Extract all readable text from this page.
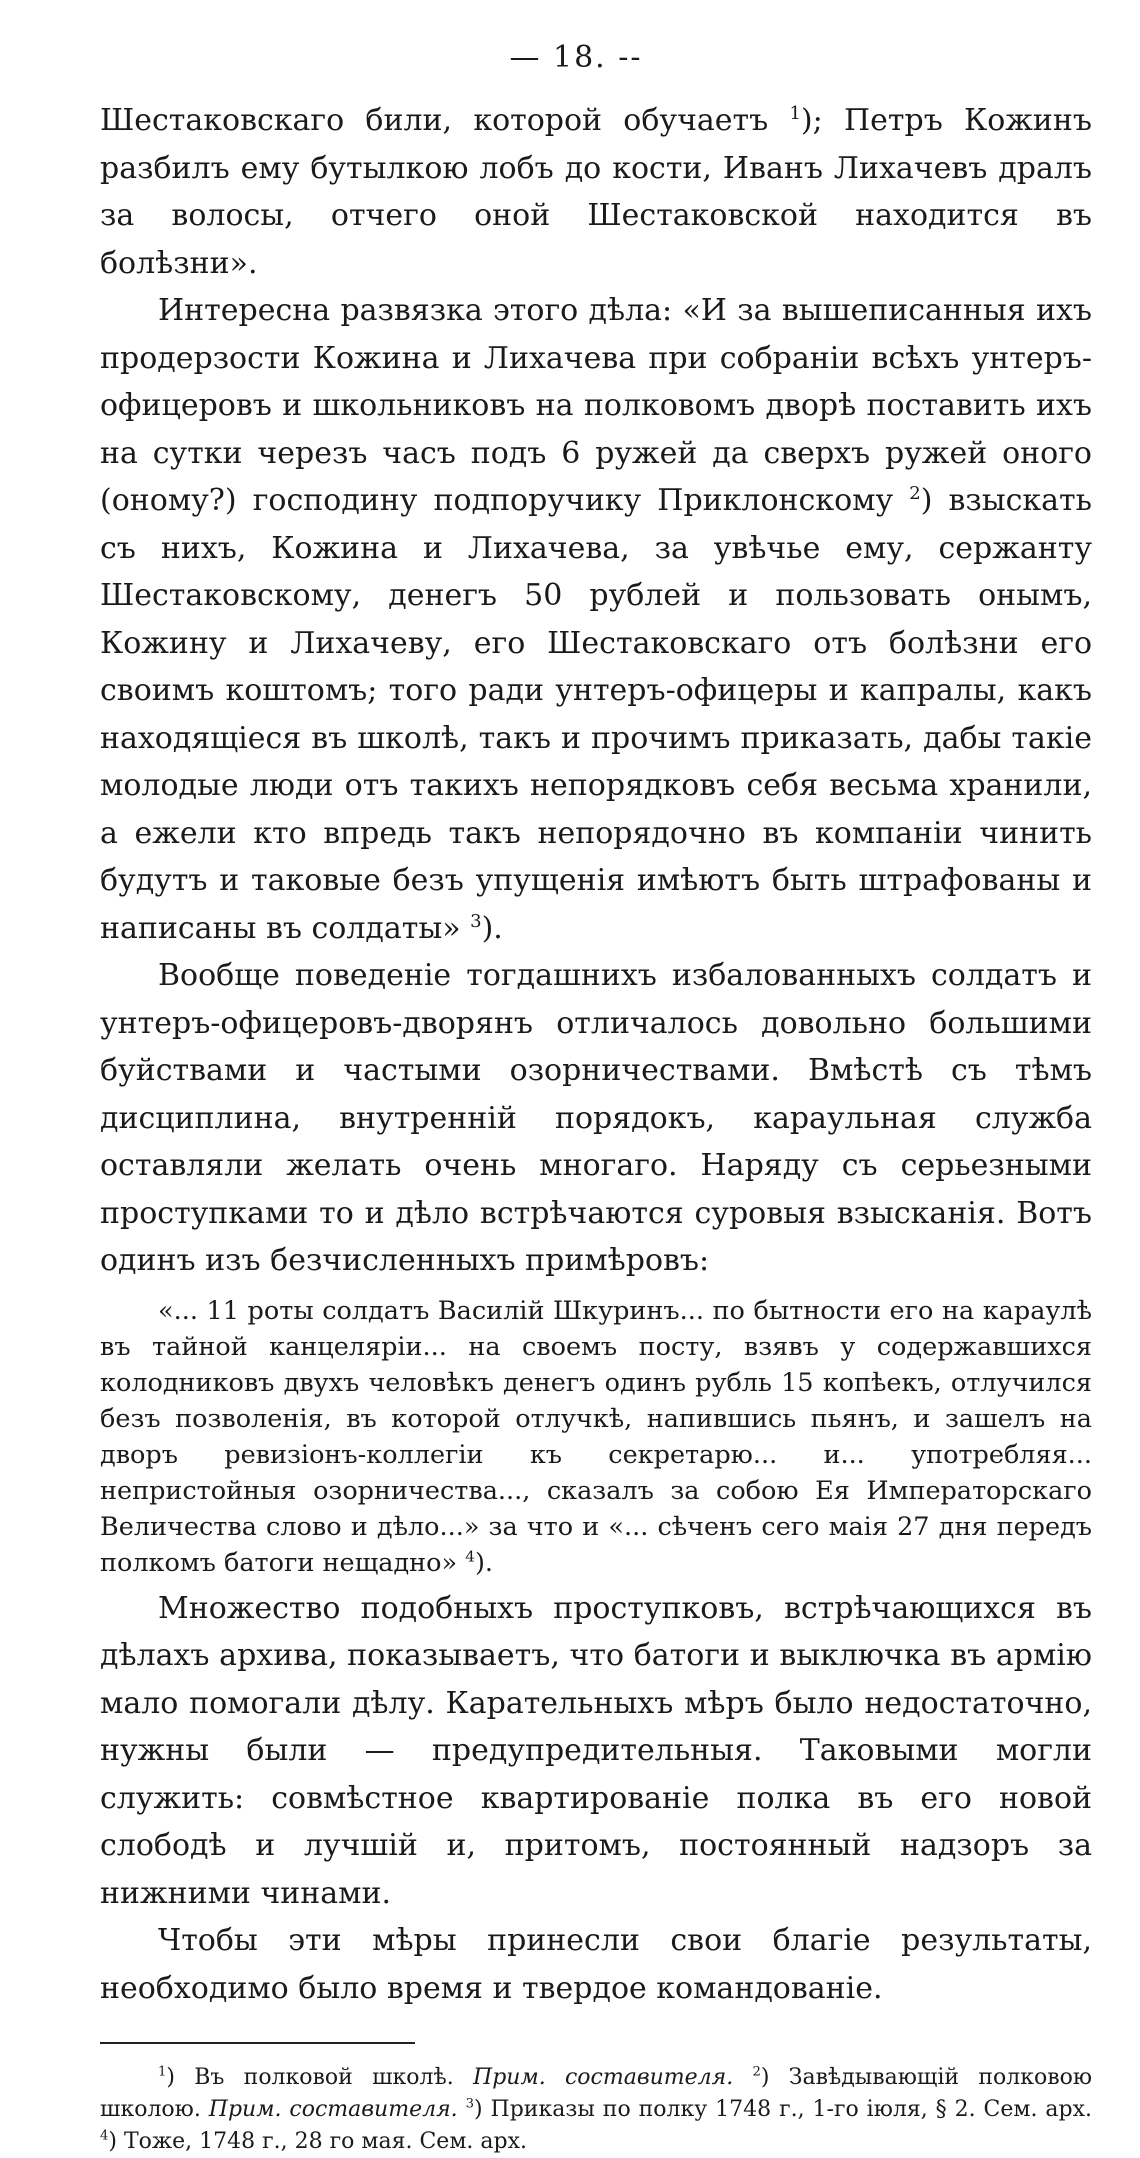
— 18. --

Шестаковскаго били, которой обучаетъ $^1$); Петръ Кожинъ разбилъ ему бутылкою лобъ до кости, Иванъ Лихачевъ дралъ за волосы, отчего оной Шестаковской находится въ болѣзни».

Интересна развязка этого дѣла: «И за вышеписанныя ихъ продерзости Кожина и Лихачева при собраніи всѣхъ унтеръ-офицеровъ и школьниковъ на полковомъ дворѣ поставить ихъ на сутки черезъ часъ подъ 6 ружей да сверхъ ружей оного (оному?) господину подпоручику Приклонскому $^2$) взыскать съ нихъ, Кожина и Лихачева, за увѣчье ему, сержанту Шестаковскому, денегъ 50 рублей и пользовать онымъ, Кожину и Лихачеву, его Шестаковскаго отъ болѣзни его своимъ коштомъ; того ради унтеръ-офицеры и капралы, какъ находящіеся въ школѣ, такъ и прочимъ приказать, дабы такіе молодые люди отъ такихъ непорядковъ себя весьма хранили, а ежели кто впредь такъ непорядочно въ компаніи чинить будутъ и таковые безъ упущенія имѣютъ быть штрафованы и написаны въ солдаты» $^3$).

Вообще поведеніе тогдашнихъ избалованныхъ солдатъ и унтеръ-офицеровъ-дворянъ отличалось довольно большими буйствами и частыми озорничествами. Вмѣстѣ съ тѣмъ дисциплина, внутренній порядокъ, караульная служба оставляли желать очень многаго. Наряду съ серьезными проступками то и дѣло встрѣчаются суровыя взысканія. Вотъ одинъ изъ безчисленныхъ примѣровъ:

«... 11 роты солдатъ Василій Шкуринъ... по бытности его на караулѣ въ тайной канцеляріи... на своемъ посту, взявъ у содержавшихся колодниковъ двухъ человѣкъ денегъ одинъ рубль 15 копѣекъ, отлучился безъ позволенія, въ которой отлучкѣ, напившись пьянъ, и зашелъ на дворъ ревизіонъ-коллегіи къ секретарю... и... употребляя... непристойныя озорничества..., сказалъ за собою Ея Императорскаго Величества слово и дѣло...» за что и «... сѣченъ сего маія 27 дня передъ полкомъ батоги нещадно» $^4$).

Множество подобныхъ проступковъ, встрѣчающихся въ дѣлахъ архива, показываетъ, что батоги и выключка въ армію мало помогали дѣлу. Карательныхъ мѣръ было недостаточно, нужны были — предупредительныя. Таковыми могли служить: совмѣстное квартированіе полка въ его новой слободѣ и лучшій и, притомъ, постоянный надзоръ за нижними чинами.

Чтобы эти мѣры принесли свои благіе результаты, необходимо было время и твердое командованіе.

$^1$) Въ полковой школѣ. Прим. составителя. $^2$) Завѣдывающій полковою школою. Прим. составителя. $^3$) Приказы по полку 1748 г., 1-го іюля, § 2. Сем. арх. $^4$) Тоже, 1748 г., 28 го мая. Сем. арх.
